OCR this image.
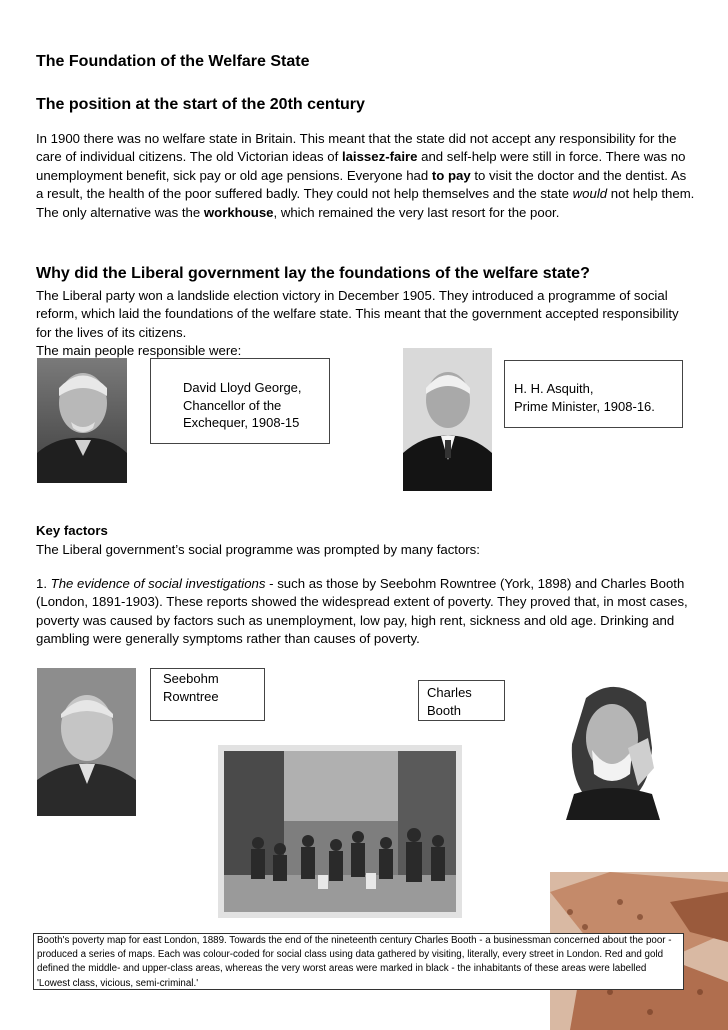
The Foundation of the Welfare State
The position at the start of the 20th century
In 1900 there was no welfare state in Britain. This meant that the state did not accept any responsibility for the care of individual citizens. The old Victorian ideas of laissez-faire and self-help were still in force. There was no unemployment benefit, sick pay or old age pensions. Everyone had to pay to visit the doctor and the dentist. As a result, the health of the poor suffered badly. They could not help themselves and the state would not help them. The only alternative was the workhouse, which remained the very last resort for the poor.
Why did the Liberal government lay the foundations of the welfare state?
The Liberal party won a landslide election victory in December 1905. They introduced a programme of social reform, which laid the foundations of the welfare state. This meant that the government accepted responsibility for the lives of its citizens.
The main people responsible were:
David Lloyd George,
Chancellor of the
Exchequer, 1908-15
H. H. Asquith,
Prime Minister, 1908-16.
Key factors
The Liberal government’s social programme was prompted by many factors:
1. The evidence of social investigations - such as those by Seebohm Rowntree (York, 1898) and Charles Booth (London, 1891-1903). These reports showed the widespread extent of poverty. They proved that, in most cases, poverty was caused by factors such as unemployment, low pay, high rent, sickness and old age. Drinking and gambling were generally symptoms rather than causes of poverty.
Seebohm
Rowntree	Charles
Booth
Booth's poverty map for east London, 1889. Towards the end of the nineteenth century Charles Booth - a businessman concerned about the poor - produced a series of maps. Each was colour-coded for social class using data gathered by visiting, literally, every street in London. Red and gold defined the middle- and upper-class areas, whereas the very worst areas were marked in black - the inhabitants of these areas were labelled 'Lowest class, vicious, semi-criminal.'
